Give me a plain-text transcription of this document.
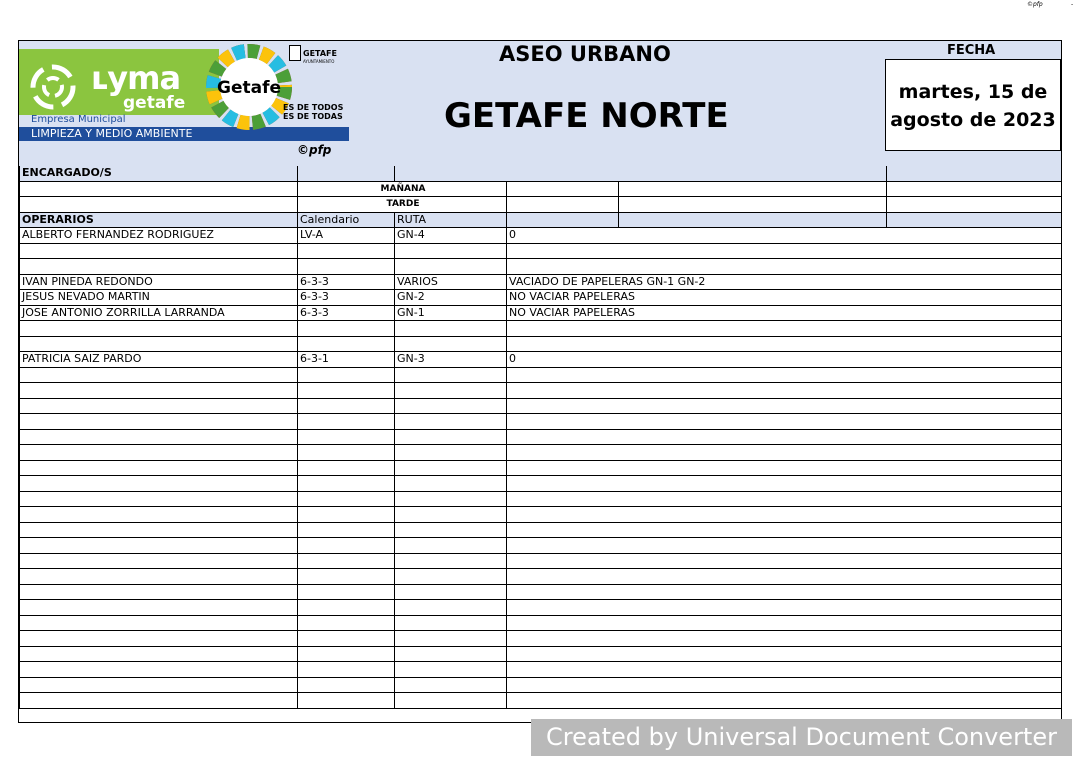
©pfp	-
ʟyma
getafe
Empresa Municipal
LIMPIEZA Y MEDIO AMBIENTE
Getafe
GETAFE
AYUNTAMIENTO
ES DE TODOS
ES DE TODAS
©pfp
ASEO URBANO
GETAFE NORTE
FECHA
martes, 15 de
agosto de 2023
ENCARGADO/S					
	MAÑANA				
	TARDE				
OPERARIOS	Calendario	RUTA			
ALBERTO FERNANDEZ RODRIGUEZ	LV-A	GN-4	0		

IVAN PINEDA REDONDO	6-3-3	VARIOS	VACIADO DE PAPELERAS GN-1 GN-2		
JESUS NEVADO MARTIN	6-3-3	GN-2	NO VACIAR PAPELERAS		
JOSE ANTONIO ZORRILLA LARRANDA	6-3-3	GN-1	NO VACIAR PAPELERAS		

PATRICIA SAIZ PARDO	6-3-1	GN-3	0		

Created by Universal Document Converter
